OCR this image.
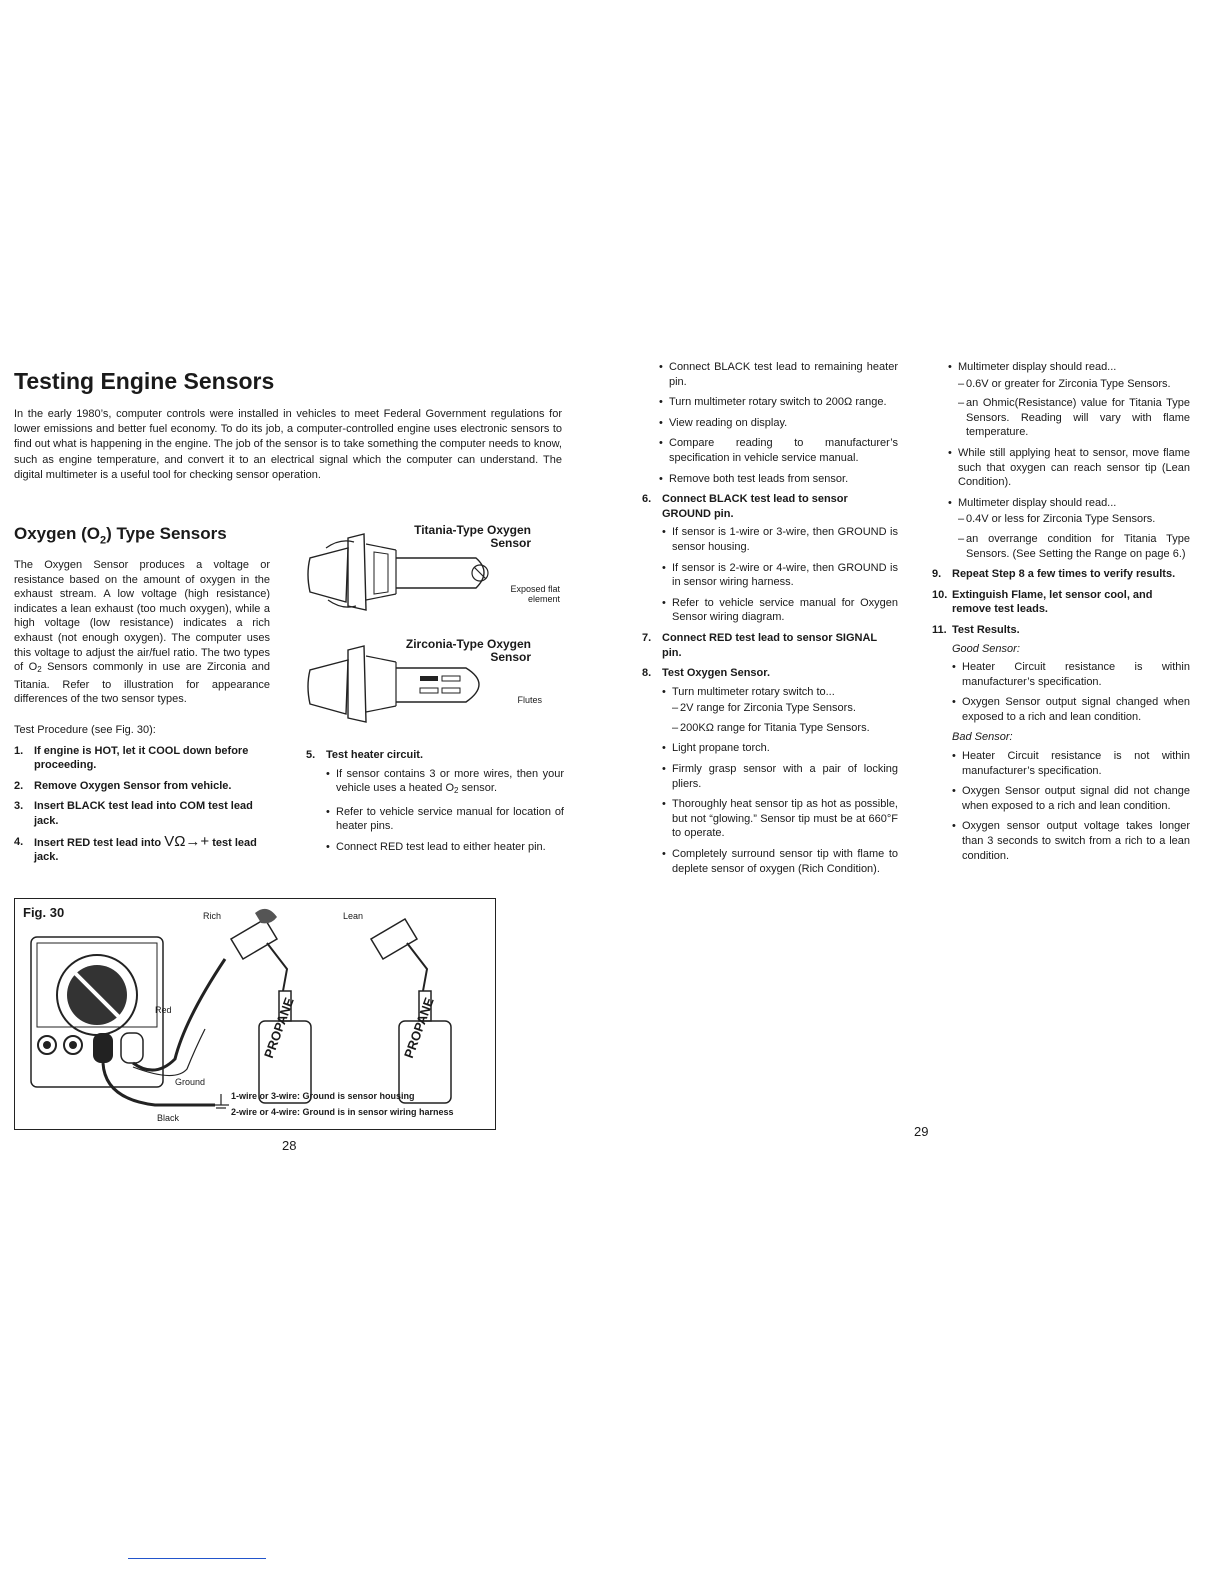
Testing Engine Sensors

In the early 1980’s, computer controls were installed in vehicles to meet Federal Government regulations for lower emissions and better fuel economy. To do its job, a computer-controlled engine uses electronic sensors to find out what is happening in the engine. The job of the sensor is to take something the computer needs to know, such as engine temperature, and convert it to an electrical signal which the computer can understand. The digital multimeter is a useful tool for checking sensor operation.

Oxygen $(O_2)$ Type Sensors

The Oxygen Sensor produces a voltage or resistance based on the amount of oxygen in the exhaust stream. A low voltage (high resistance) indicates a lean exhaust (too much oxygen), while a high voltage (low resistance) indicates a rich exhaust (not enough oxygen). The computer uses this voltage to adjust the air/fuel ratio. The two types of $O_2$ Sensors commonly in use are Zirconia and Titania. Refer to illustration for appearance differences of the two sensor types.

Test Procedure (see Fig. 30):
1. If engine is HOT, let it COOL down before proceeding.
2. Remove Oxygen Sensor from vehicle.
3. Insert BLACK test lead into COM test lead jack.
4. Insert RED test lead into VΩ→+ test lead jack.
Titania-Type Oxygen Sensor
Exposed flat element
Zirconia-Type Oxygen Sensor
Flutes
5. Test heater circuit.
• If sensor contains 3 or more wires, then your vehicle uses a heated $O_2$ sensor.
• Refer to vehicle service manual for location of heater pins.
• Connect RED test lead to either heater pin.
Fig. 30	Rich	Lean
Red
Ground
Black
PROPANE	PROPANE
1-wire or 3-wire: Ground is sensor housing
2-wire or 4-wire: Ground is in sensor wiring harness
28
• Connect BLACK test lead to remaining heater pin.
• Turn multimeter rotary switch to 200Ω range.
• View reading on display.
• Compare reading to manufacturer’s specification in vehicle service manual.
• Remove both test leads from sensor.
6. Connect BLACK test lead to sensor GROUND pin.
• If sensor is 1-wire or 3-wire, then GROUND is sensor housing.
• If sensor is 2-wire or 4-wire, then GROUND is in sensor wiring harness.
• Refer to vehicle service manual for Oxygen Sensor wiring diagram.
7. Connect RED test lead to sensor SIGNAL pin.
8. Test Oxygen Sensor.
• Turn multimeter rotary switch to...
– 2V range for Zirconia Type Sensors.
– 200KΩ range for Titania Type Sensors.
• Light propane torch.
• Firmly grasp sensor with a pair of locking pliers.
• Thoroughly heat sensor tip as hot as possible, but not “glowing.” Sensor tip must be at 660°F to operate.
• Completely surround sensor tip with flame to deplete sensor of oxygen (Rich Condition).
• Multimeter display should read...
– 0.6V or greater for Zirconia Type Sensors.
– an Ohmic(Resistance) value for Titania Type Sensors. Reading will vary with flame temperature.
• While still applying heat to sensor, move flame such that oxygen can reach sensor tip (Lean Condition).
• Multimeter display should read...
– 0.4V or less for Zirconia Type Sensors.
– an overrange condition for Titania Type Sensors. (See Setting the Range on page 6.)
9. Repeat Step 8 a few times to verify results.
10. Extinguish Flame, let sensor cool, and remove test leads.
11. Test Results.
Good Sensor:
• Heater Circuit resistance is within manufacturer’s specification.
• Oxygen Sensor output signal changed when exposed to a rich and lean condition.
Bad Sensor:
• Heater Circuit resistance is not within manufacturer’s specification.
• Oxygen Sensor output signal did not change when exposed to a rich and lean condition.
• Oxygen sensor output voltage takes longer than 3 seconds to switch from a rich to a lean condition.
29
